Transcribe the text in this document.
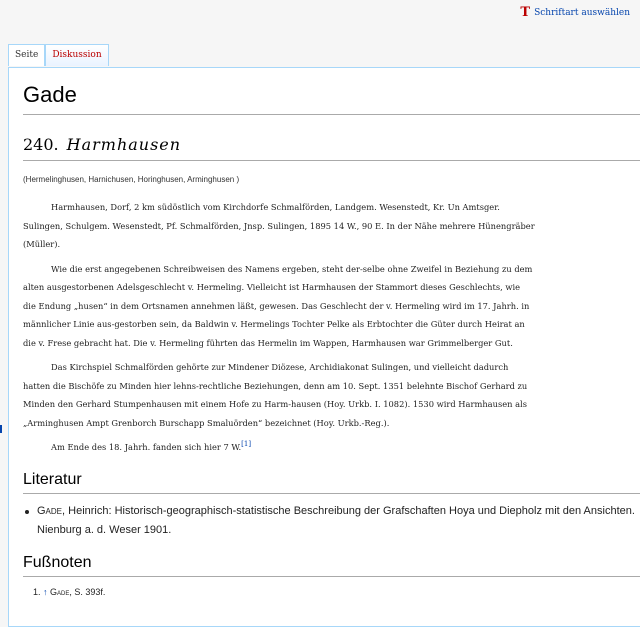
T Schriftart auswählen
Seite	Diskussion
Gade
240. Harmhausen
(Hermelinghusen, Harnichusen, Horinghusen, Arminghusen )

Harmhausen, Dorf, 2 km südöstlich vom Kirchdorfe Schmalförden, Landgem. Wesenstedt, Kr. Un Amtsger. Sulingen, Schulgem. Wesenstedt, Pf. Schmalförden, Jnsp. Sulingen, 1895 14 W., 90 E. In der Nähe mehrere Hünengräber (Müller).

Wie die erst angegebenen Schreibweisen des Namens ergeben, steht der-selbe ohne Zweifel in Beziehung zu dem alten ausgestorbenen Adelsgeschlecht v. Hermeling. Vielleicht ist Harmhausen der Stammort dieses Geschlechts, wie die Endung „husen“ in dem Ortsnamen annehmen läßt, gewesen. Das Geschlecht der v. Hermeling wird im 17. Jahrh. in männlicher Linie aus-gestorben sein, da Baldwin v. Hermelings Tochter Pelke als Erbtochter die Güter durch Heirat an die v. Frese gebracht hat. Die v. Hermeling führten das Hermelin im Wappen, Harmhausen war Grimmelberger Gut.

Das Kirchspiel Schmalförden gehörte zur Mindener Diözese, Archidiakonat Sulingen, und vielleicht dadurch hatten die Bischöfe zu Minden hier lehns-rechtliche Beziehungen, denn am 10. Sept. 1351 belehnte Bischof Gerhard zu Minden den Gerhard Stumpenhausen mit einem Hofe zu Harm-hausen (Hoy. Urkb. I. 1082). 1530 wird Harmhausen als „Arminghusen Ampt Grenborch Burschapp Smaluörden“ bezeichnet (Hoy. Urkb.-Reg.).

Am Ende des 18. Jahrh. fanden sich hier 7 W.[1]

Literatur
Gade, Heinrich: Historisch-geographisch-statistische Beschreibung der Grafschaften Hoya und Diepholz mit den Ansichten. Nienburg a. d. Weser 1901.
Fußnoten
1. ↑ Gade, S. 393f.
